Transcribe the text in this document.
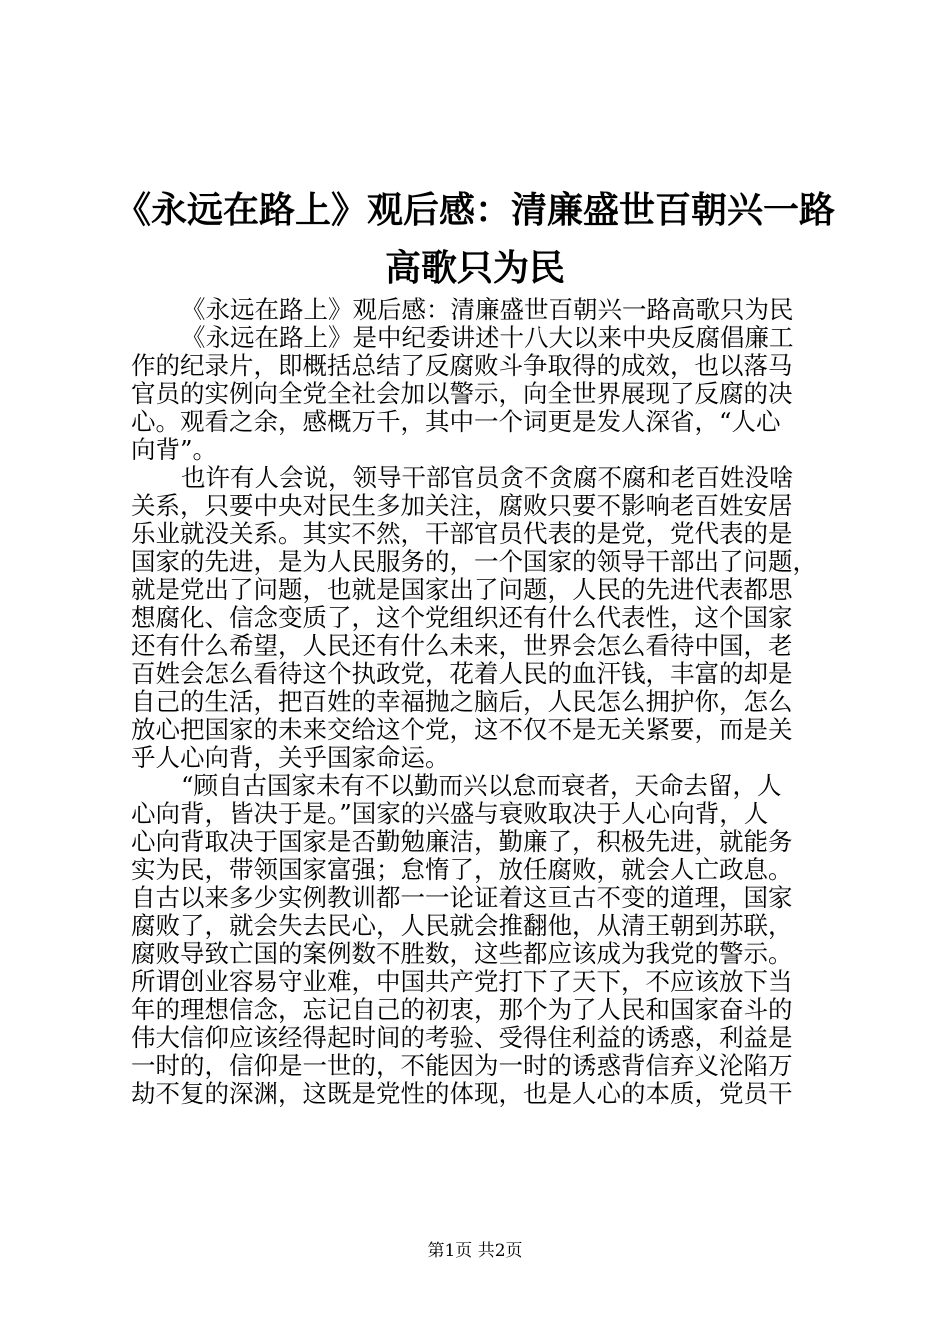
《永远在路上》观后感：清廉盛世百朝兴一路
高歌只为民
《永远在路上》观后感：清廉盛世百朝兴一路高歌只为民
《永远在路上》是中纪委讲述十八大以来中央反腐倡廉工
作的纪录片，即概括总结了反腐败斗争取得的成效，也以落马
官员的实例向全党全社会加以警示，向全世界展现了反腐的决
心。观看之余，感概万千，其中一个词更是发人深省，“人心
向背”。
也许有人会说，领导干部官员贪不贪腐不腐和老百姓没啥
关系，只要中央对民生多加关注，腐败只要不影响老百姓安居
乐业就没关系。其实不然，干部官员代表的是党，党代表的是
国家的先进，是为人民服务的，一个国家的领导干部出了问题，
就是党出了问题，也就是国家出了问题，人民的先进代表都思
想腐化、信念变质了，这个党组织还有什么代表性，这个国家
还有什么希望，人民还有什么未来，世界会怎么看待中国，老
百姓会怎么看待这个执政党，花着人民的血汗钱，丰富的却是
自己的生活，把百姓的幸福抛之脑后，人民怎么拥护你，怎么
放心把国家的未来交给这个党，这不仅不是无关紧要，而是关
乎人心向背，关乎国家命运。
“顾自古国家未有不以勤而兴以怠而衰者，天命去留，人
心向背，皆决于是。”国家的兴盛与衰败取决于人心向背，人
心向背取决于国家是否勤勉廉洁，勤廉了，积极先进，就能务
实为民，带领国家富强；怠惰了，放任腐败，就会人亡政息。
自古以来多少实例教训都一一论证着这亘古不变的道理，国家
腐败了，就会失去民心，人民就会推翻他，从清王朝到苏联，
腐败导致亡国的案例数不胜数，这些都应该成为我党的警示。
所谓创业容易守业难，中国共产党打下了天下，不应该放下当
年的理想信念，忘记自己的初衷，那个为了人民和国家奋斗的
伟大信仰应该经得起时间的考验、受得住利益的诱惑，利益是
一时的，信仰是一世的，不能因为一时的诱惑背信弃义沦陷万
劫不复的深渊，这既是党性的体现，也是人心的本质，党员干
第1页 共2页
